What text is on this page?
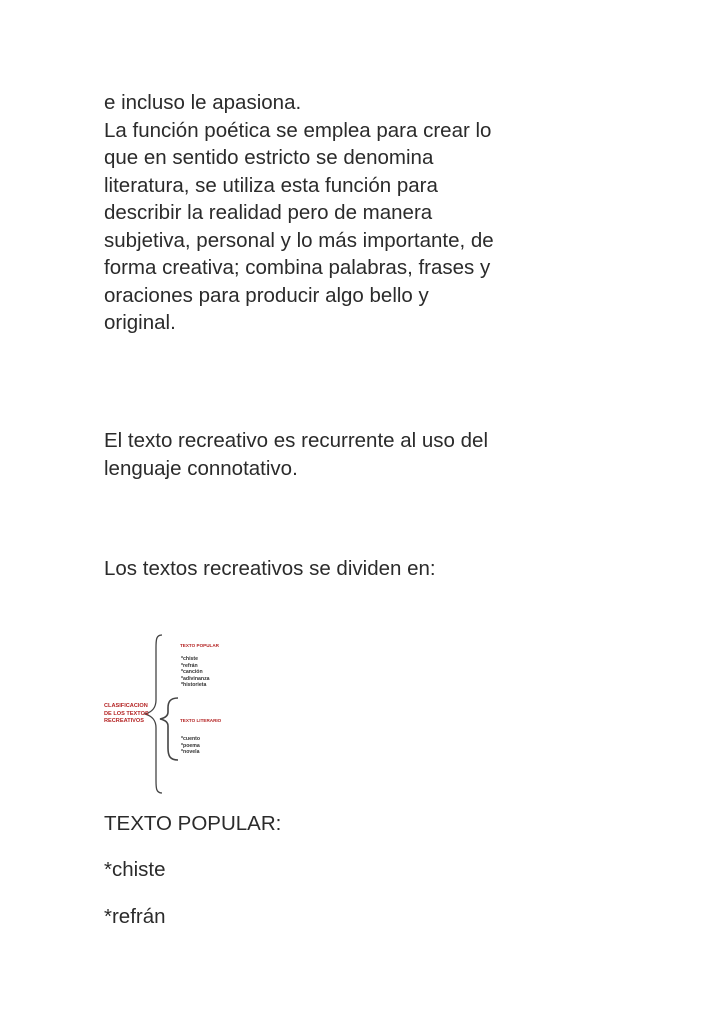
e incluso le apasiona.
La función poética se emplea para crear lo
que en sentido estricto se denomina
literatura, se utiliza esta función para
describir la realidad pero de manera
subjetiva, personal y lo más importante, de
forma creativa; combina palabras, frases y
oraciones para producir algo bello y
original.

El texto recreativo es recurrente al uso del
lenguaje connotativo.

Los textos recreativos se dividen en:

CLASIFICACION
DE LOS TEXTOS
RECREATIVOS

TEXTO POPULAR

*chiste
*refrán
*canción
*adivinanza
*historieta

TEXTO LITERARIO

*cuento
*poema
*novela

TEXTO POPULAR:

*chiste

*refrán
